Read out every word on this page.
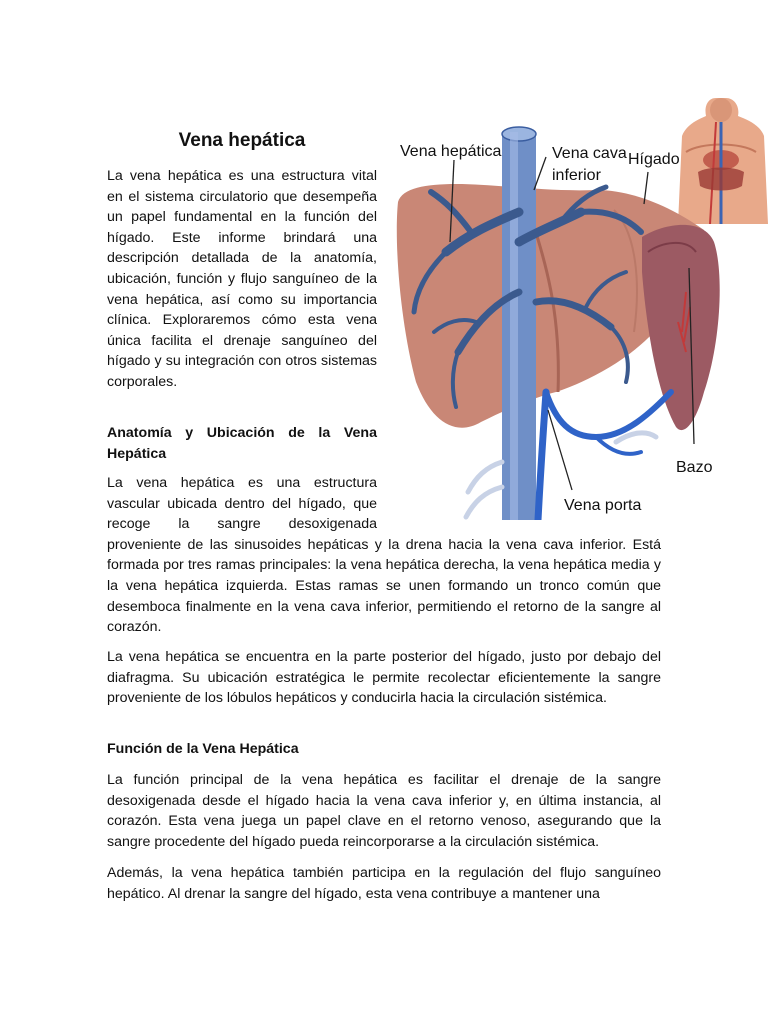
Vena hepática

La vena hepática es una estructura vital en el sistema circulatorio que desempeña un papel fundamental en la función del hígado. Este informe brindará una descripción detallada de la anatomía, ubicación, función y flujo sanguíneo de la vena hepática, así como su importancia clínica. Exploraremos cómo esta vena única facilita el drenaje sanguíneo del hígado y su integración con otros sistemas corporales.

Anatomía y Ubicación de la Vena Hepática
La vena hepática es una estructura vascular ubicada dentro del hígado, que recoge la sangre desoxigenada proveniente de las sinusoides hepáticas y la drena hacia la vena cava inferior. Está formada por tres ramas principales: la vena hepática derecha, la vena hepática media y la vena hepática izquierda. Estas ramas se unen formando un tronco común que desemboca finalmente en la vena cava inferior, permitiendo el retorno de la sangre al corazón.

La vena hepática se encuentra en la parte posterior del hígado, justo por debajo del diafragma. Su ubicación estratégica le permite recolectar eficientemente la sangre proveniente de los lóbulos hepáticos y conducirla hacia la circulación sistémica.

Función de la Vena Hepática

La función principal de la vena hepática es facilitar el drenaje de la sangre desoxigenada desde el hígado hacia la vena cava inferior y, en última instancia, al corazón. Esta vena juega un papel clave en el retorno venoso, asegurando que la sangre procedente del hígado pueda reincorporarse a la circulación sistémica.

Además, la vena hepática también participa en la regulación del flujo sanguíneo hepático. Al drenar la sangre del hígado, esta vena contribuye a mantener una

Vena hepática	Vena cava
inferior
Hígado
Bazo
Vena porta
